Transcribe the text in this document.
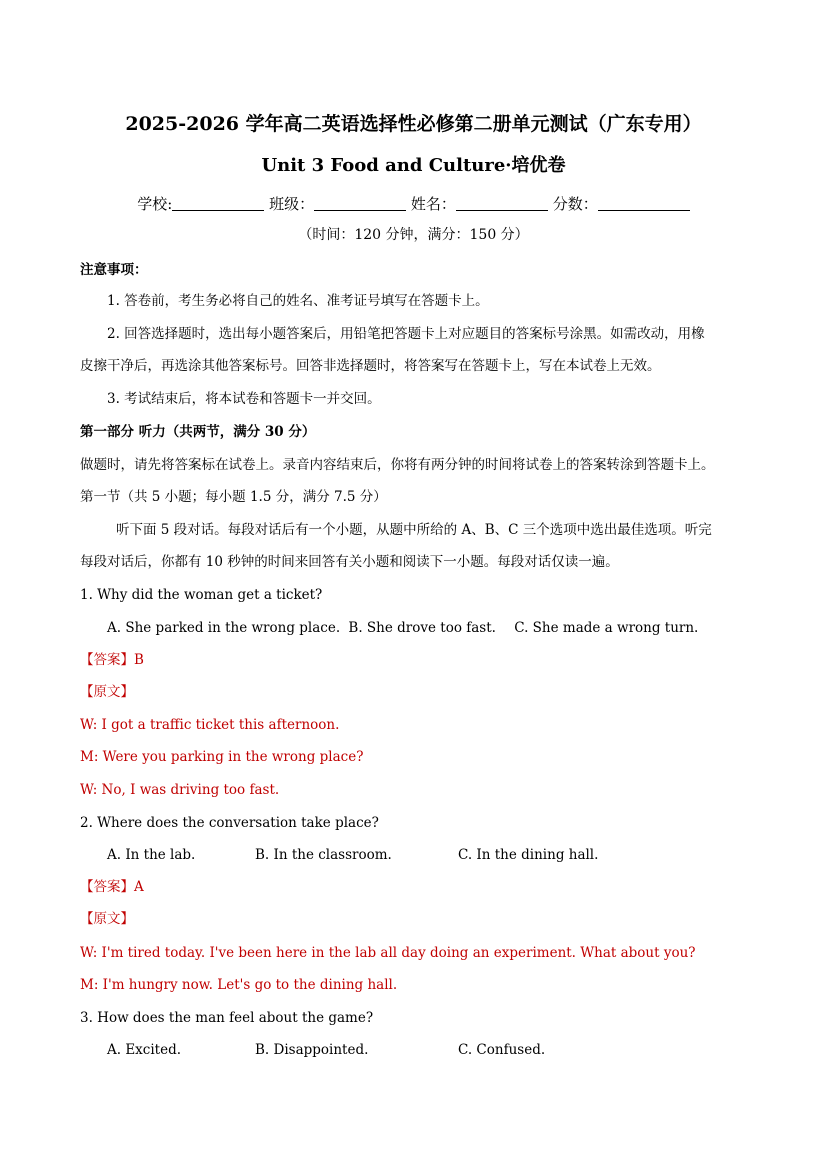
2025-2026 学年高二英语选择性必修第二册单元测试（广东专用）
Unit 3 Food and Culture·培优卷
学校:	班级：	姓名：	分数：
（时间：120 分钟，满分：150 分）
注意事项：
1. 答卷前，考生务必将自己的姓名、准考证号填写在答题卡上。
2. 回答选择题时，选出每小题答案后，用铅笔把答题卡上对应题目的答案标号涂黑。如需改动，用橡
皮擦干净后，再选涂其他答案标号。回答非选择题时，将答案写在答题卡上，写在本试卷上无效。
3. 考试结束后，将本试卷和答题卡一并交回。
第一部分 听力（共两节，满分 30 分）
做题时，请先将答案标在试卷上。录音内容结束后，你将有两分钟的时间将试卷上的答案转涂到答题卡上。
第一节（共 5 小题；每小题 1.5 分，满分 7.5 分）
听下面 5 段对话。每段对话后有一个小题，从题中所给的 A、B、C 三个选项中选出最佳选项。听完
每段对话后，你都有 10 秒钟的时间来回答有关小题和阅读下一小题。每段对话仅读一遍。
1. Why did the woman get a ticket?
A. She parked in the wrong place. B. She drove too fast. C. She made a wrong turn.
【答案】B
【原文】
W: I got a traffic ticket this afternoon.
M: Were you parking in the wrong place?
W: No, I was driving too fast.
2. Where does the conversation take place?
A. In the lab.	B. In the classroom.	C. In the dining hall.
【答案】A
【原文】
W: I'm tired today. I've been here in the lab all day doing an experiment. What about you?
M: I'm hungry now. Let's go to the dining hall.
3. How does the man feel about the game?
A. Excited.	B. Disappointed.	C. Confused.
